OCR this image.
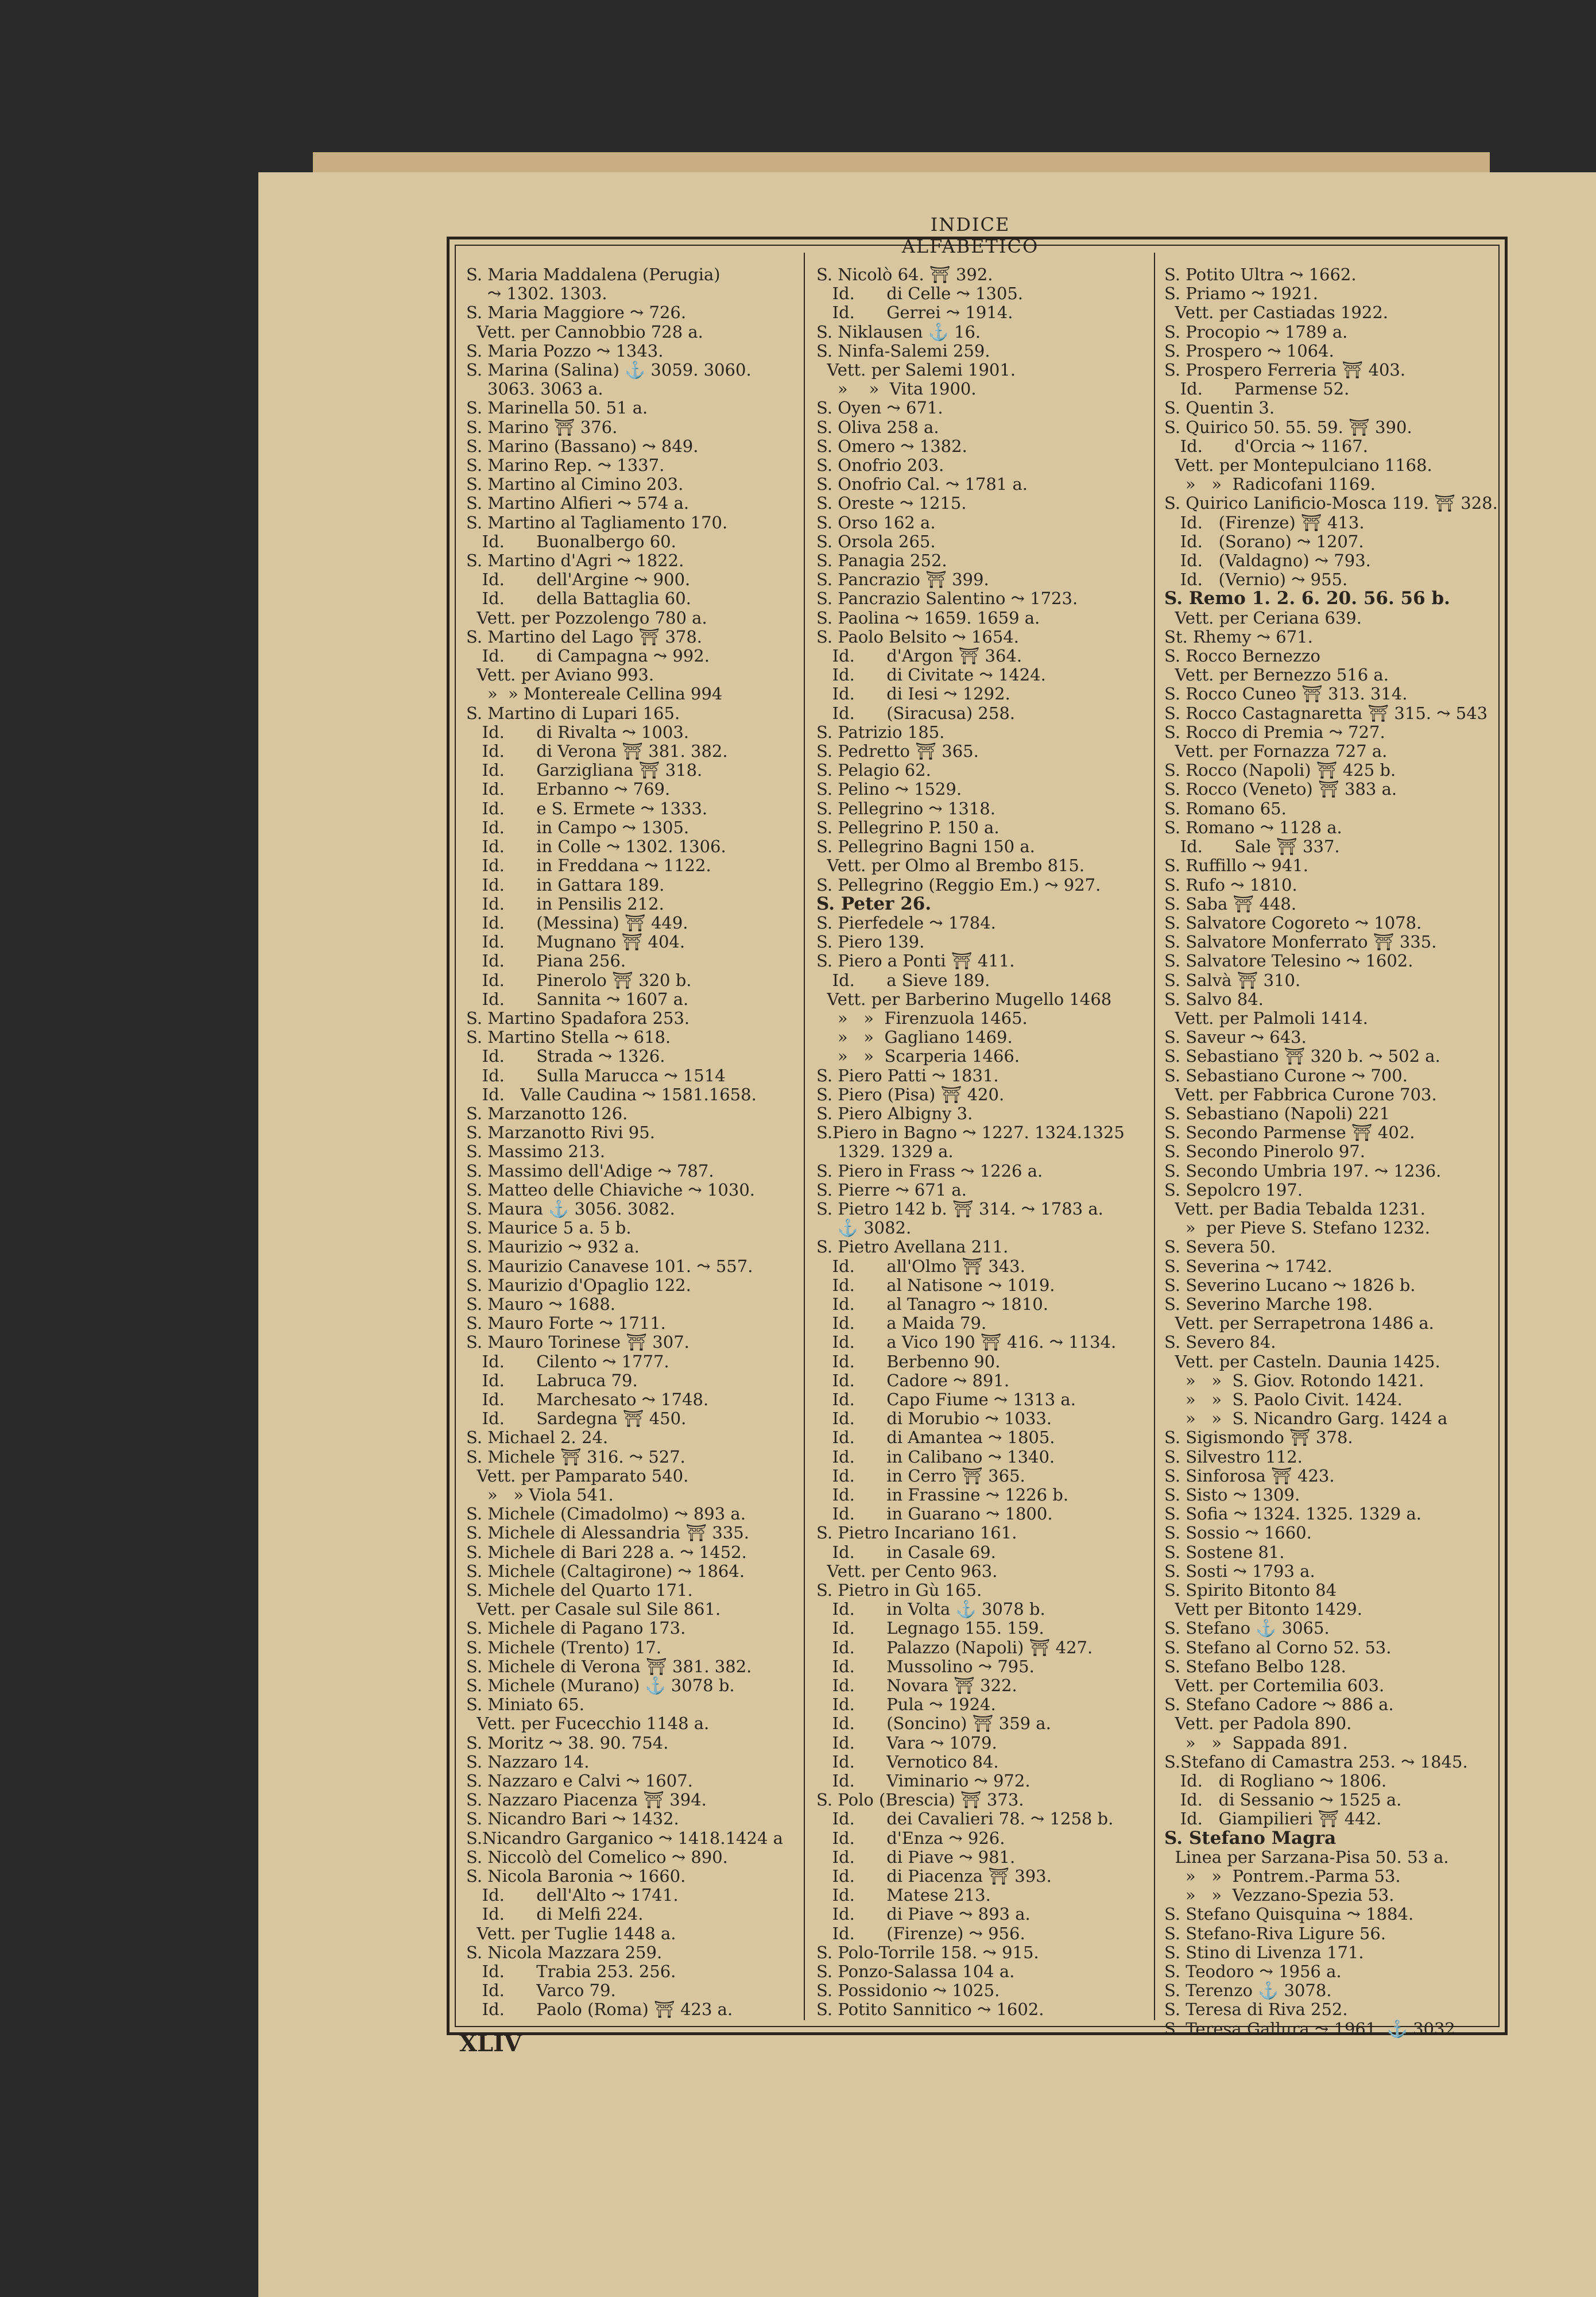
INDICE ALFABETICO
S. Maria Maddalena (Perugia)
⤳ 1302. 1303.
S. Maria Maggiore ⤳ 726.
Vett. per Cannobbio 728 a.
S. Maria Pozzo ⤳ 1343.
S. Marina (Salina) ⚓ 3059. 3060.
3063. 3063 a.
S. Marinella 50. 51 a.
S. Marino ⛩ 376.
S. Marino (Bassano) ⤳ 849.
S. Marino Rep. ⤳ 1337.
S. Martino al Cimino 203.
S. Martino Alfieri ⤳ 574 a.
S. Martino al Tagliamento 170.
Id.      Buonalbergo 60.
S. Martino d'Agri ⤳ 1822.
Id.      dell'Argine ⤳ 900.
Id.      della Battaglia 60.
Vett. per Pozzolengo 780 a.
S. Martino del Lago ⛩ 378.
Id.      di Campagna ⤳ 992.
Vett. per Aviano 993.
»  » Montereale Cellina 994
S. Martino di Lupari 165.
Id.      di Rivalta ⤳ 1003.
Id.      di Verona ⛩ 381. 382.
Id.      Garzigliana ⛩ 318.
Id.      Erbanno ⤳ 769.
Id.      e S. Ermete ⤳ 1333.
Id.      in Campo ⤳ 1305.
Id.      in Colle ⤳ 1302. 1306.
Id.      in Freddana ⤳ 1122.
Id.      in Gattara 189.
Id.      in Pensilis 212.
Id.      (Messina) ⛩ 449.
Id.      Mugnano ⛩ 404.
Id.      Piana 256.
Id.      Pinerolo ⛩ 320 b.
Id.      Sannita ⤳ 1607 a.
S. Martino Spadafora 253.
S. Martino Stella ⤳ 618.
Id.      Strada ⤳ 1326.
Id.      Sulla Marucca ⤳ 1514
Id.   Valle Caudina ⤳ 1581.1658.
S. Marzanotto 126.
S. Marzanotto Rivi 95.
S. Massimo 213.
S. Massimo dell'Adige ⤳ 787.
S. Matteo delle Chiaviche ⤳ 1030.
S. Maura ⚓ 3056. 3082.
S. Maurice 5 a. 5 b.
S. Maurizio ⤳ 932 a.
S. Maurizio Canavese 101. ⤳ 557.
S. Maurizio d'Opaglio 122.
S. Mauro ⤳ 1688.
S. Mauro Forte ⤳ 1711.
S. Mauro Torinese ⛩ 307.
Id.      Cilento ⤳ 1777.
Id.      Labruca 79.
Id.      Marchesato ⤳ 1748.
Id.      Sardegna ⛩ 450.
S. Michael 2. 24.
S. Michele ⛩ 316. ⤳ 527.
Vett. per Pamparato 540.
»   » Viola 541.
S. Michele (Cimadolmo) ⤳ 893 a.
S. Michele di Alessandria ⛩ 335.
S. Michele di Bari 228 a. ⤳ 1452.
S. Michele (Caltagirone) ⤳ 1864.
S. Michele del Quarto 171.
Vett. per Casale sul Sile 861.
S. Michele di Pagano 173.
S. Michele (Trento) 17.
S. Michele di Verona ⛩ 381. 382.
S. Michele (Murano) ⚓ 3078 b.
S. Miniato 65.
Vett. per Fucecchio 1148 a.
S. Moritz ⤳ 38. 90. 754.
S. Nazzaro 14.
S. Nazzaro e Calvi ⤳ 1607.
S. Nazzaro Piacenza ⛩ 394.
S. Nicandro Bari ⤳ 1432.
S.Nicandro Garganico ⤳ 1418.1424 a
S. Niccolò del Comelico ⤳ 890.
S. Nicola Baronia ⤳ 1660.
Id.      dell'Alto ⤳ 1741.
Id.      di Melfi 224.
Vett. per Tuglie 1448 a.
S. Nicola Mazzara 259.
Id.      Trabia 253. 256.
Id.      Varco 79.
Id.      Paolo (Roma) ⛩ 423 a.
S. Nicolò 64. ⛩ 392.
Id.      di Celle ⤳ 1305.
Id.      Gerrei ⤳ 1914.
S. Niklausen ⚓ 16.
S. Ninfa-Salemi 259.
Vett. per Salemi 1901.
»    »  Vita 1900.
S. Oyen ⤳ 671.
S. Oliva 258 a.
S. Omero ⤳ 1382.
S. Onofrio 203.
S. Onofrio Cal. ⤳ 1781 a.
S. Oreste ⤳ 1215.
S. Orso 162 a.
S. Orsola 265.
S. Panagia 252.
S. Pancrazio ⛩ 399.
S. Pancrazio Salentino ⤳ 1723.
S. Paolina ⤳ 1659. 1659 a.
S. Paolo Belsito ⤳ 1654.
Id.      d'Argon ⛩ 364.
Id.      di Civitate ⤳ 1424.
Id.      di Iesi ⤳ 1292.
Id.      (Siracusa) 258.
S. Patrizio 185.
S. Pedretto ⛩ 365.
S. Pelagio 62.
S. Pelino ⤳ 1529.
S. Pellegrino ⤳ 1318.
S. Pellegrino P. 150 a.
S. Pellegrino Bagni 150 a.
Vett. per Olmo al Brembo 815.
S. Pellegrino (Reggio Em.) ⤳ 927.
S. Peter 26.
S. Pierfedele ⤳ 1784.
S. Piero 139.
S. Piero a Ponti ⛩ 411.
Id.      a Sieve 189.
Vett. per Barberino Mugello 1468
»   »  Firenzuola 1465.
»   »  Gagliano 1469.
»   »  Scarperia 1466.
S. Piero Patti ⤳ 1831.
S. Piero (Pisa) ⛩ 420.
S. Piero Albigny 3.
S.Piero in Bagno ⤳ 1227. 1324.1325
1329. 1329 a.
S. Piero in Frass ⤳ 1226 a.
S. Pierre ⤳ 671 a.
S. Pietro 142 b. ⛩ 314. ⤳ 1783 a.
⚓ 3082.
S. Pietro Avellana 211.
Id.      all'Olmo ⛩ 343.
Id.      al Natisone ⤳ 1019.
Id.      al Tanagro ⤳ 1810.
Id.      a Maida 79.
Id.      a Vico 190 ⛩ 416. ⤳ 1134.
Id.      Berbenno 90.
Id.      Cadore ⤳ 891.
Id.      Capo Fiume ⤳ 1313 a.
Id.      di Morubio ⤳ 1033.
Id.      di Amantea ⤳ 1805.
Id.      in Calibano ⤳ 1340.
Id.      in Cerro ⛩ 365.
Id.      in Frassine ⤳ 1226 b.
Id.      in Guarano ⤳ 1800.
S. Pietro Incariano 161.
Id.      in Casale 69.
Vett. per Cento 963.
S. Pietro in Gù 165.
Id.      in Volta ⚓ 3078 b.
Id.      Legnago 155. 159.
Id.      Palazzo (Napoli) ⛩ 427.
Id.      Mussolino ⤳ 795.
Id.      Novara ⛩ 322.
Id.      Pula ⤳ 1924.
Id.      (Soncino) ⛩ 359 a.
Id.      Vara ⤳ 1079.
Id.      Vernotico 84.
Id.      Viminario ⤳ 972.
S. Polo (Brescia) ⛩ 373.
Id.      dei Cavalieri 78. ⤳ 1258 b.
Id.      d'Enza ⤳ 926.
Id.      di Piave ⤳ 981.
Id.      di Piacenza ⛩ 393.
Id.      Matese 213.
Id.      di Piave ⤳ 893 a.
Id.      (Firenze) ⤳ 956.
S. Polo-Torrile 158. ⤳ 915.
S. Ponzo-Salassa 104 a.
S. Possidonio ⤳ 1025.
S. Potito Sannitico ⤳ 1602.
S. Potito Ultra ⤳ 1662.
S. Priamo ⤳ 1921.
Vett. per Castiadas 1922.
S. Procopio ⤳ 1789 a.
S. Prospero ⤳ 1064.
S. Prospero Ferreria ⛩ 403.
Id.      Parmense 52.
S. Quentin 3.
S. Quirico 50. 55. 59. ⛩ 390.
Id.      d'Orcia ⤳ 1167.
Vett. per Montepulciano 1168.
»   »  Radicofani 1169.
S. Quirico Lanificio-Mosca 119. ⛩ 328.
Id.   (Firenze) ⛩ 413.
Id.   (Sorano) ⤳ 1207.
Id.   (Valdagno) ⤳ 793.
Id.   (Vernio) ⤳ 955.
S. Remo 1. 2. 6. 20. 56. 56 b.
Vett. per Ceriana 639.
St. Rhemy ⤳ 671.
S. Rocco Bernezzo
Vett. per Bernezzo 516 a.
S. Rocco Cuneo ⛩ 313. 314.
S. Rocco Castagnaretta ⛩ 315. ⤳ 543
S. Rocco di Premia ⤳ 727.
Vett. per Fornazza 727 a.
S. Rocco (Napoli) ⛩ 425 b.
S. Rocco (Veneto) ⛩ 383 a.
S. Romano 65.
S. Romano ⤳ 1128 a.
Id.      Sale ⛩ 337.
S. Ruffillo ⤳ 941.
S. Rufo ⤳ 1810.
S. Saba ⛩ 448.
S. Salvatore Cogoreto ⤳ 1078.
S. Salvatore Monferrato ⛩ 335.
S. Salvatore Telesino ⤳ 1602.
S. Salvà ⛩ 310.
S. Salvo 84.
Vett. per Palmoli 1414.
S. Saveur ⤳ 643.
S. Sebastiano ⛩ 320 b. ⤳ 502 a.
S. Sebastiano Curone ⤳ 700.
Vett. per Fabbrica Curone 703.
S. Sebastiano (Napoli) 221
S. Secondo Parmense ⛩ 402.
S. Secondo Pinerolo 97.
S. Secondo Umbria 197. ⤳ 1236.
S. Sepolcro 197.
Vett. per Badia Tebalda 1231.
»  per Pieve S. Stefano 1232.
S. Severa 50.
S. Severina ⤳ 1742.
S. Severino Lucano ⤳ 1826 b.
S. Severino Marche 198.
Vett. per Serrapetrona 1486 a.
S. Severo 84.
Vett. per Casteln. Daunia 1425.
»   »  S. Giov. Rotondo 1421.
»   »  S. Paolo Civit. 1424.
»   »  S. Nicandro Garg. 1424 a
S. Sigismondo ⛩ 378.
S. Silvestro 112.
S. Sinforosa ⛩ 423.
S. Sisto ⤳ 1309.
S. Sofia ⤳ 1324. 1325. 1329 a.
S. Sossio ⤳ 1660.
S. Sostene 81.
S. Sosti ⤳ 1793 a.
S. Spirito Bitonto 84
Vett per Bitonto 1429.
S. Stefano ⚓ 3065.
S. Stefano al Corno 52. 53.
S. Stefano Belbo 128.
Vett. per Cortemilia 603.
S. Stefano Cadore ⤳ 886 a.
Vett. per Padola 890.
»   »  Sappada 891.
S.Stefano di Camastra 253. ⤳ 1845.
Id.   di Rogliano ⤳ 1806.
Id.   di Sessanio ⤳ 1525 a.
Id.   Giampilieri ⛩ 442.
S. Stefano Magra
Linea per Sarzana-Pisa 50. 53 a.
»   »  Pontrem.-Parma 53.
»   »  Vezzano-Spezia 53.
S. Stefano Quisquina ⤳ 1884.
S. Stefano-Riva Ligure 56.
S. Stino di Livenza 171.
S. Teodoro ⤳ 1956 a.
S. Terenzo ⚓ 3078.
S. Teresa di Riva 252.
S. Teresa Gallura ⤳ 1961. ⚓ 3032.
XLIV
